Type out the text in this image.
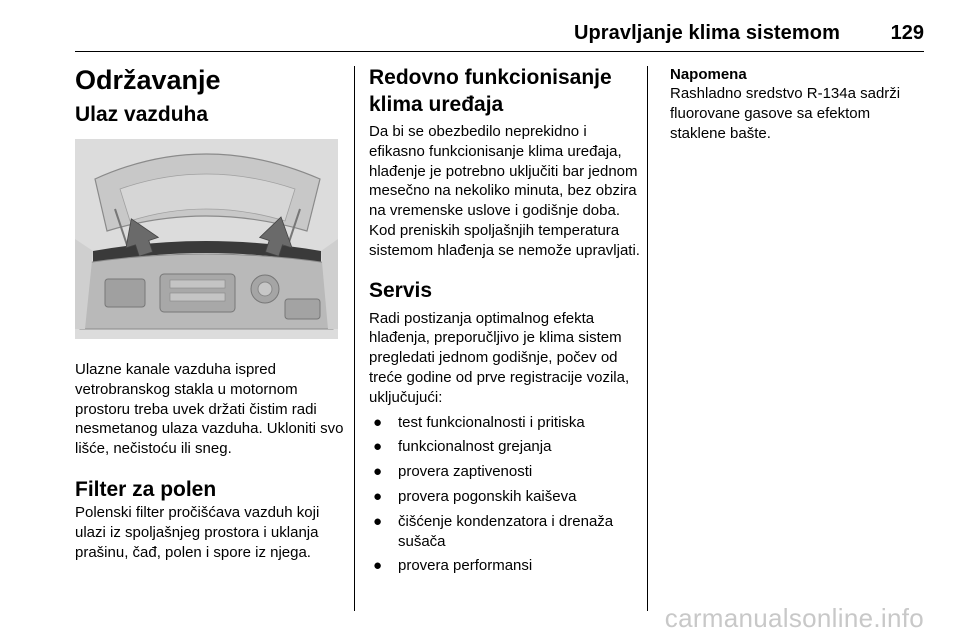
Upravljanje klima sistemom	129
Održavanje
Ulaz vazduha

Ulazne kanale vazduha ispred vetrobranskog stakla u motornom prostoru treba uvek držati čistim radi nesmetanog ulaza vazduha. Ukloniti svo lišće, nečistoću ili sneg.

Filter za polen

Polenski filter pročišćava vazduh koji ulazi iz spoljašnjeg prostora i uklanja prašinu, čađ, polen i spore iz njega.

Redovno funkcionisanje klima uređaja

Da bi se obezbedilo neprekidno i efikasno funkcionisanje klima uređaja, hlađenje je potrebno uključiti bar jednom mesečno na nekoliko minuta, bez obzira na vremenske uslove i godišnje doba. Kod preniskih spoljašnjih temperatura sistemom hlađenja se nemože upravljati.

Servis

Radi postizanja optimalnog efekta hlađenja, preporučljivo je klima sistem pregledati jednom godišnje, počev od treće godine od prve registracije vozila, uključujući:

● test funkcionalnosti i pritiska
● funkcionalnost grejanja
● provera zaptivenosti
● provera pogonskih kaiševa
● čišćenje kondenzatora i drenaža sušača
● provera performansi
Napomena

Rashladno sredstvo R-134a sadrži fluorovane gasove sa efektom staklene bašte.

carmanualsonline.info
